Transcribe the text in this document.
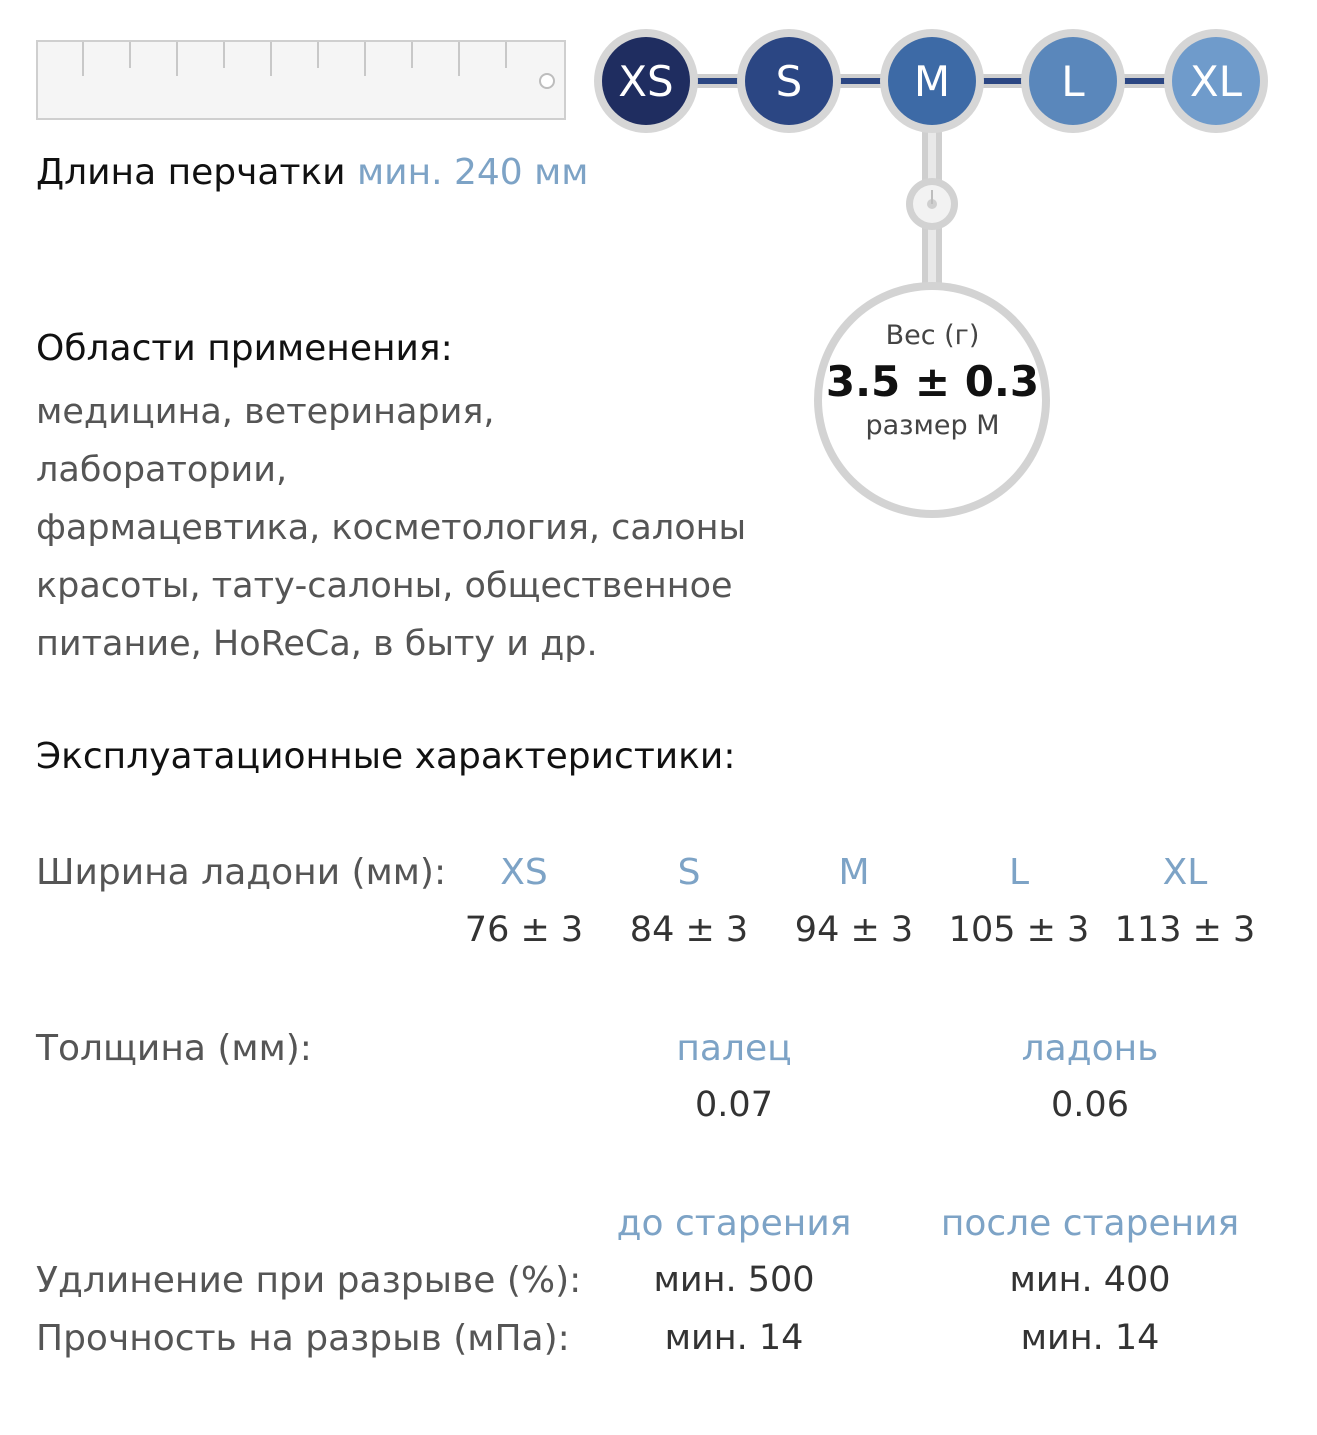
XS S	M	L	XL
Вес (г)
3.5 ± 0.3
размер M
Длина перчатки мин. 240 мм
Области применения:
медицина, ветеринария, лаборатории,
фармацевтика, косметология, салоны
красоты, тату-салоны, общественное
питание, HoReCa, в быту и др.
Эксплуатационные характеристики:
Ширина ладони (мм):	XS	S	M	L	XL
76 ± 3	84 ± 3	94 ± 3	105 ± 3 113 ± 3
Толщина (мм):	палец	ладонь
0.07	0.06
до старения	после старения
Удлинение при разрыве (%):	мин. 500	мин. 400
Прочность на разрыв (мПа):	мин. 14	мин. 14
